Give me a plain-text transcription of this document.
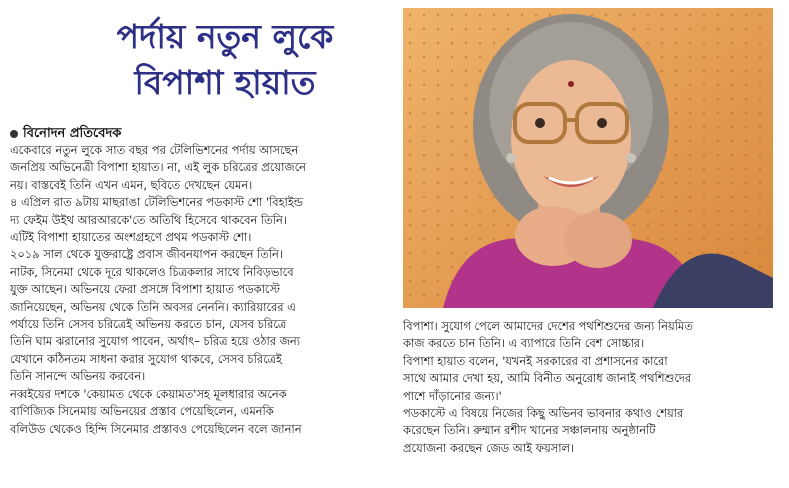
পর্দায় নতুন লুকে
বিপাশা হায়াত
বিনোদন প্রতিবেদক

একেবারে নতুন লুকে সাত বছর পর টেলিভিশনের পর্দায় আসছেন
জনপ্রিয় অভিনেত্রী বিপাশা হায়াত। না, এই লুক চরিত্রের প্রয়োজনে
নয়। বাস্তবেই তিনি এখন এমন, ছবিতে দেখছেন যেমন।

৪ এপ্রিল রাত ৯টায় মাছরাঙা টেলিভিশনের পডকাস্ট শো 'বিহাইন্ড
দ্য ফেইম উইথ আরআরকে'তে অতিথি হিসেবে থাকবেন তিনি।
এটিই বিপাশা হায়াতের অংশগ্রহণে প্রথম পডকাস্ট শো।

২০১৯ সাল থেকে যুক্তরাষ্ট্রে প্রবাস জীবনযাপন করছেন তিনি।
নাটক, সিনেমা থেকে দূরে থাকলেও চিত্রকলার সাথে নিবিড়ভাবে
যুক্ত আছেন। অভিনয়ে ফেরা প্রসঙ্গে বিপাশা হায়াত পডকাস্টে
জানিয়েছেন, অভিনয় থেকে তিনি অবসর নেননি। ক্যারিয়ারের এ
পর্যায়ে তিনি সেসব চরিত্রেই অভিনয় করতে চান, যেসব চরিত্রে
তিনি ঘাম ঝরানোর সুযোগ পাবেন, অর্থাৎ– চরিত্র হয়ে ওঠার জন্য
যেখানে কঠিনতম সাধনা করার সুযোগ থাকবে, সেসব চরিত্রেই
তিনি সানন্দে অভিনয় করবেন।

নব্বইয়ের দশকে 'কেয়ামত থেকে কেয়ামত'সহ মূলধারার অনেক
বাণিজ্যিক সিনেমায় অভিনয়ের প্রস্তাব পেয়েছিলেন, এমনকি
বলিউড থেকেও হিন্দি সিনেমার প্রস্তাবও পেয়েছিলেন বলে জানান

বিপাশা। সুযোগ পেলে আমাদের দেশের পথশিশুদের জন্য নিয়মিত
কাজ করতে চান তিনি। এ ব্যাপারে তিনি বেশ সোচ্চার।

বিপাশা হায়াত বলেন, 'যখনই সরকারের বা প্রশাসনের কারো
সাথে আমার দেখা হয়, আমি বিনীত অনুরোধ জানাই পথশিশুদের
পাশে দাঁড়ানোর জন্য।'

পডকাস্টে এ বিষয়ে নিজের কিছু অভিনব ভাবনার কথাও শেয়ার
করেছেন তিনি। রুম্মান রশীদ খানের সঞ্চালনায় অনুষ্ঠানটি
প্রযোজনা করছেন জেড আই ফয়সাল।
